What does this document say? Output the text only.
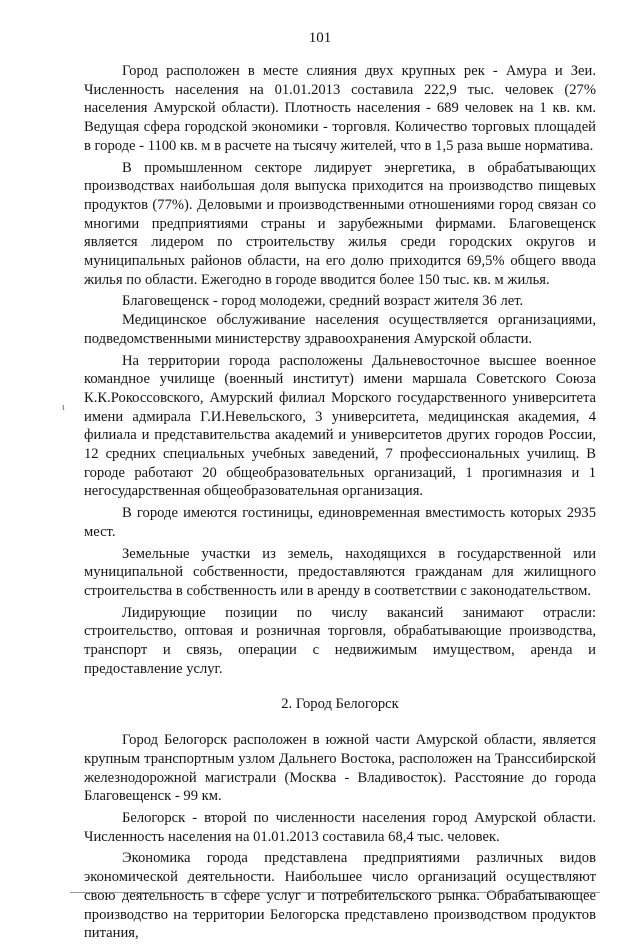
101
ι

Город расположен в месте слияния двух крупных рек - Амура и Зеи. Численность населения на 01.01.2013 составила 222,9 тыс. человек (27% населения Амурской области). Плотность населения - 689 человек на 1 кв. км. Ведущая сфера городской экономики - торговля. Количество торговых площадей в городе - 1100 кв. м в расчете на тысячу жителей, что в 1,5 раза выше норматива.

В промышленном секторе лидирует энергетика, в обрабатывающих производствах наибольшая доля выпуска приходится на производство пищевых продуктов (77%). Деловыми и производственными отношениями город связан со многими предприятиями страны и зарубежными фирмами. Благовещенск является лидером по строительству жилья среди городских округов и муниципальных районов области, на его долю приходится 69,5% общего ввода жилья по области. Ежегодно в городе вводится более 150 тыс. кв. м жилья.

Благовещенск - город молодежи, средний возраст жителя 36 лет.

Медицинское обслуживание населения осуществляется организациями, подведомственными министерству здравоохранения Амурской области.

На территории города расположены Дальневосточное высшее военное командное училище (военный институт) имени маршала Советского Союза К.К.Рокоссовского, Амурский филиал Морского государственного университета имени адмирала Г.И.Невельского, 3 университета, медицинская академия, 4 филиала и представительства академий и университетов других городов России, 12 средних специальных учебных заведений, 7 профессиональных училищ. В городе работают 20 общеобразовательных организаций, 1 прогимназия и 1 негосударственная общеобразовательная организация.

В городе имеются гостиницы, единовременная вместимость которых 2935 мест.

Земельные участки из земель, находящихся в государственной или муниципальной собственности, предоставляются гражданам для жилищного строительства в собственность или в аренду в соответствии с законодательством.

Лидирующие позиции по числу вакансий занимают отрасли: строительство, оптовая и розничная торговля, обрабатывающие производства, транспорт и связь, операции с недвижимым имуществом, аренда и предоставление услуг.

2. Город Белогорск

Город Белогорск расположен в южной части Амурской области, является крупным транспортным узлом Дальнего Востока, расположен на Транссибирской железнодорожной магистрали (Москва - Владивосток). Расстояние до города Благовещенск - 99 км.

Белогорск - второй по численности населения город Амурской области. Численность населения на 01.01.2013 составила 68,4 тыс. человек.

Экономика города представлена предприятиями различных видов экономической деятельности. Наибольшее число организаций осуществляют свою деятельность в сфере услуг и потребительского рынка. Обрабатывающее производство на территории Белогорска представлено производством продуктов питания,
